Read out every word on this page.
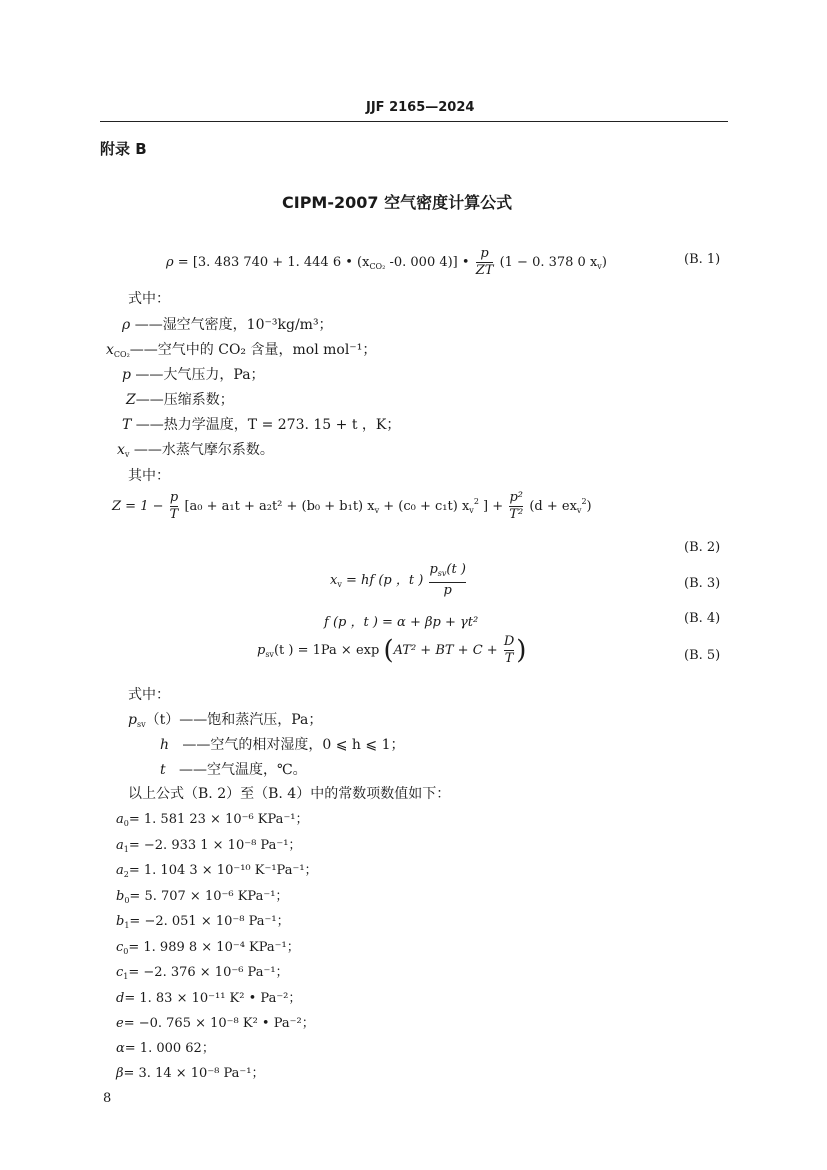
JJF 2165—2024
附录 B
CIPM-2007 空气密度计算公式
ρ = [3. 483 740 + 1. 444 6 • ($x_{CO_2}$ -0. 000 4)] • $\frac{p}{ZT} (1 - 0$. 378 0 $x_v$)	(B. 1)
式中：
ρ ——湿空气密度，10⁻³kg/m³；
$x_{CO_2}——$空气中的 CO₂ 含量，mol mol⁻¹；
p ——大气压力，Pa；
Z——压缩系数；
T ——热力学温度，T = 273. 15 + t ，K；
$x_v$ ——水蒸气摩尔系数。
其中：
$Z = 1 - \frac{p}{T} [a_0 + a_1t + a_2t^2 + (b_0 + b_1t) x_v + (c_0 + c_1t)$ $x_v^2$ ] + $\frac{\text{p²}}{\text{T²}} (d + ex_v^2)$
(B. 2)
$x_v$ = hf (p ，t ) $\frac{p_{sv}(t )}{p}$	(B. 3)
f (p ，t ) = α + βp + γt²	(B. 4)
$p_{sv}(t$ ) = 1Pa × exp (AT² + BT + $C + \frac{D}{T}$ )	(B. 5)
式中：
$p_{sv}(t)——$饱和蒸汽压，Pa；
h ——空气的相对湿度，0 ⩽ h ⩽ 1；
t ——空气温度，℃。
以上公式（B. 2）至（B. 4）中的常数项数值如下：
$a_0= 1$. 581 23 × 10⁻⁶ KPa⁻¹；
$a_1= -2$. 933 1 × 10⁻⁸ Pa⁻¹；
$a_2= 1$. 104 3 × 10⁻¹⁰ K⁻¹Pa⁻¹；
$b_0= 5$. 707 × 10⁻⁶ KPa⁻¹；
$b_1= -2$. 051 × 10⁻⁸ Pa⁻¹；
$c_0= 1$. 989 8 × 10⁻⁴ KPa⁻¹；
$c_1= -2$. 376 × 10⁻⁶ Pa⁻¹；
d= 1. 83 × 10⁻¹¹ K² • Pa⁻²；
e= −0. 765 × 10⁻⁸ K² • Pa⁻²；
α= 1. 000 62；
β= 3. 14 × 10⁻⁸ Pa⁻¹；
8
